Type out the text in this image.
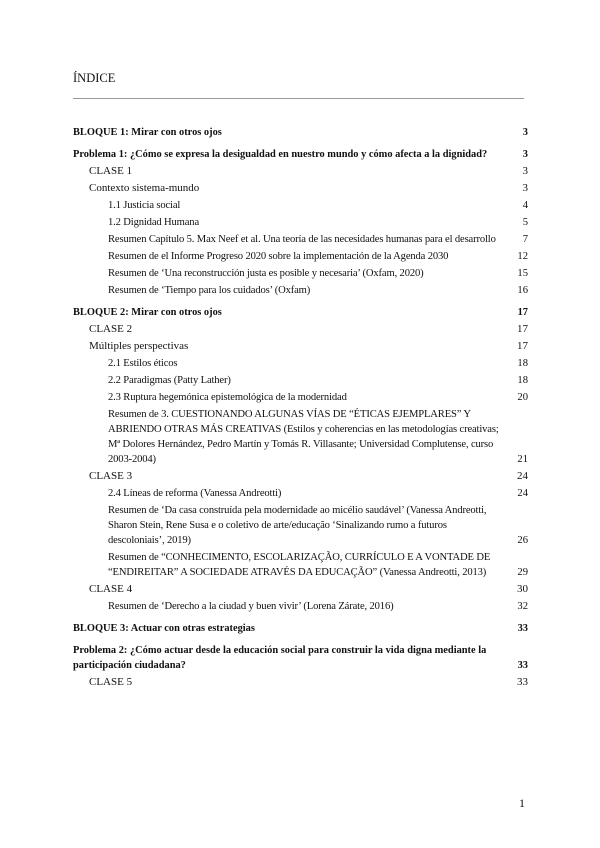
ÍNDICE
BLOQUE 1: Mirar con otros ojos	3
Problema 1: ¿Cómo se expresa la desigualdad en nuestro mundo y cómo afecta a la dignidad?	3
CLASE 1	3
Contexto sistema-mundo	3
1.1 Justicia social	4
1.2 Dignidad Humana	5
Resumen Capítulo 5. Max Neef et al. Una teoría de las necesidades humanas para el desarrollo	7
Resumen de el Informe Progreso 2020 sobre la implementación de la Agenda 2030	12
Resumen de ‘Una reconstrucción justa es posible y necesaria’ (Oxfam, 2020)	15
Resumen de ‘Tiempo para los cuidados’ (Oxfam)	16
BLOQUE 2: Mirar con otros ojos	17
CLASE 2	17
Múltiples perspectivas	17
2.1 Estilos éticos	18
2.2 Paradigmas (Patty Lather)	18
2.3 Ruptura hegemónica epistemológica de la modernidad	20
Resumen de 3. CUESTIONANDO ALGUNAS VÍAS DE “ÉTICAS EJEMPLARES” Y ABRIENDO OTRAS MÁS CREATIVAS (Estilos y coherencias en las metodologías creativas; Mª Dolores Hernández, Pedro Martín y Tomás R. Villasante; Universidad Complutense, curso 2003-2004)	21
CLASE 3	24
2.4 Líneas de reforma (Vanessa Andreotti)	24
Resumen de ‘Da casa construída pela modernidade ao micélio saudável’ (Vanessa Andreotti, Sharon Stein, Rene Susa e o coletivo de arte/educação ‘Sinalizando rumo a futuros descoloniais’, 2019)	26
Resumen de “CONHECIMENTO, ESCOLARIZAÇÃO, CURRÍCULO E A VONTADE DE “ENDIREITAR” A SOCIEDADE ATRAVÉS DA EDUCAÇÃO” (Vanessa Andreotti, 2013)	29
CLASE 4	30
Resumen de ‘Derecho a la ciudad y buen vivir’ (Lorena Zárate, 2016)	32
BLOQUE 3: Actuar con otras estrategias	33
Problema 2: ¿Cómo actuar desde la educación social para construir la vida digna mediante la participación ciudadana?	33
CLASE 5	33
1
